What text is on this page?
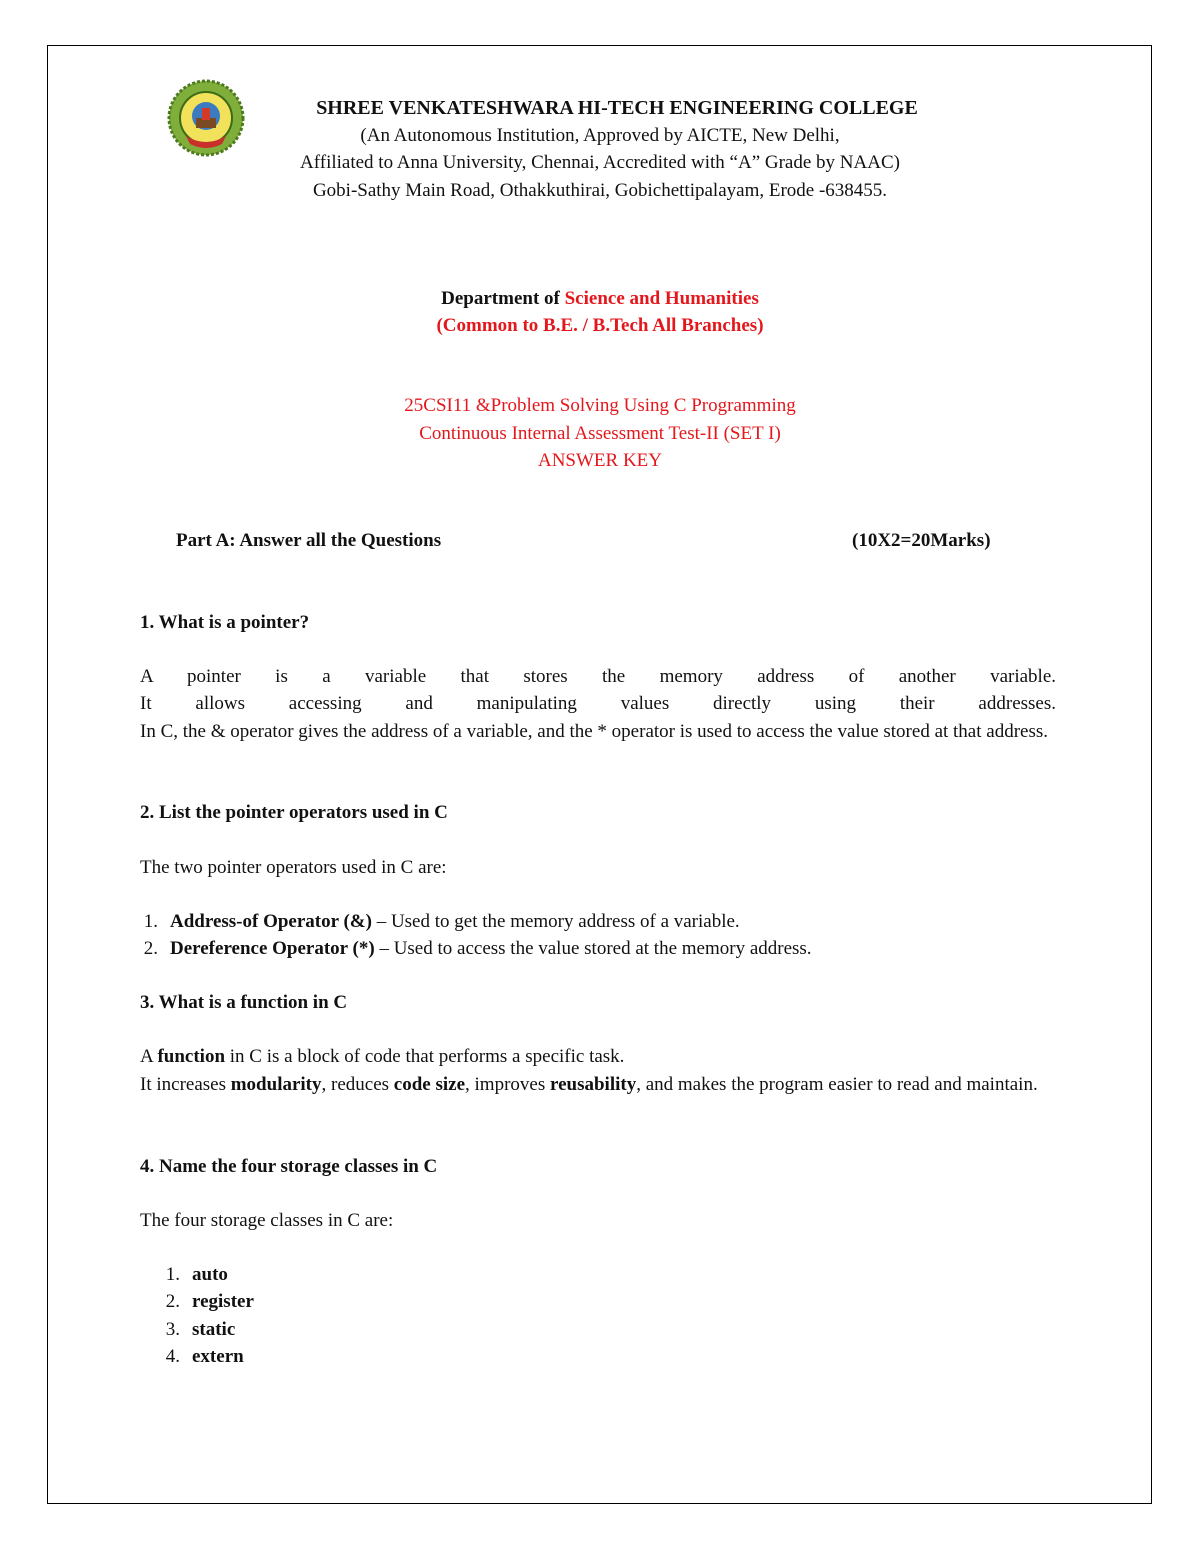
SHREE VENKATESHWARA HI-TECH ENGINEERING COLLEGE
(An Autonomous Institution, Approved by AICTE, New Delhi,
Affiliated to Anna University, Chennai, Accredited with “A” Grade by NAAC)
Gobi-Sathy Main Road, Othakkuthirai, Gobichettipalayam, Erode -638455.
Department of Science and Humanities
(Common to B.E. / B.Tech All Branches)
25CSI11 &Problem Solving Using C Programming
Continuous Internal Assessment Test-II (SET I)
ANSWER KEY
Part A: Answer all the Questions	(10X2=20Marks)
1. What is a pointer?
A pointer is a variable that stores the memory address of another variable.
It allows accessing and manipulating values directly using their addresses.
In C, the & operator gives the address of a variable, and the * operator is used to access the value stored at that address.
2. List the pointer operators used in C
The two pointer operators used in C are:
1. Address-of Operator (&) – Used to get the memory address of a variable.
2. Dereference Operator (*) – Used to access the value stored at the memory address.
3. What is a function in C
A function in C is a block of code that performs a specific task.
It increases modularity, reduces code size, improves reusability, and makes the program easier to read and maintain.
4. Name the four storage classes in C
The four storage classes in C are:
1. auto
2. register
3. static
4. extern
